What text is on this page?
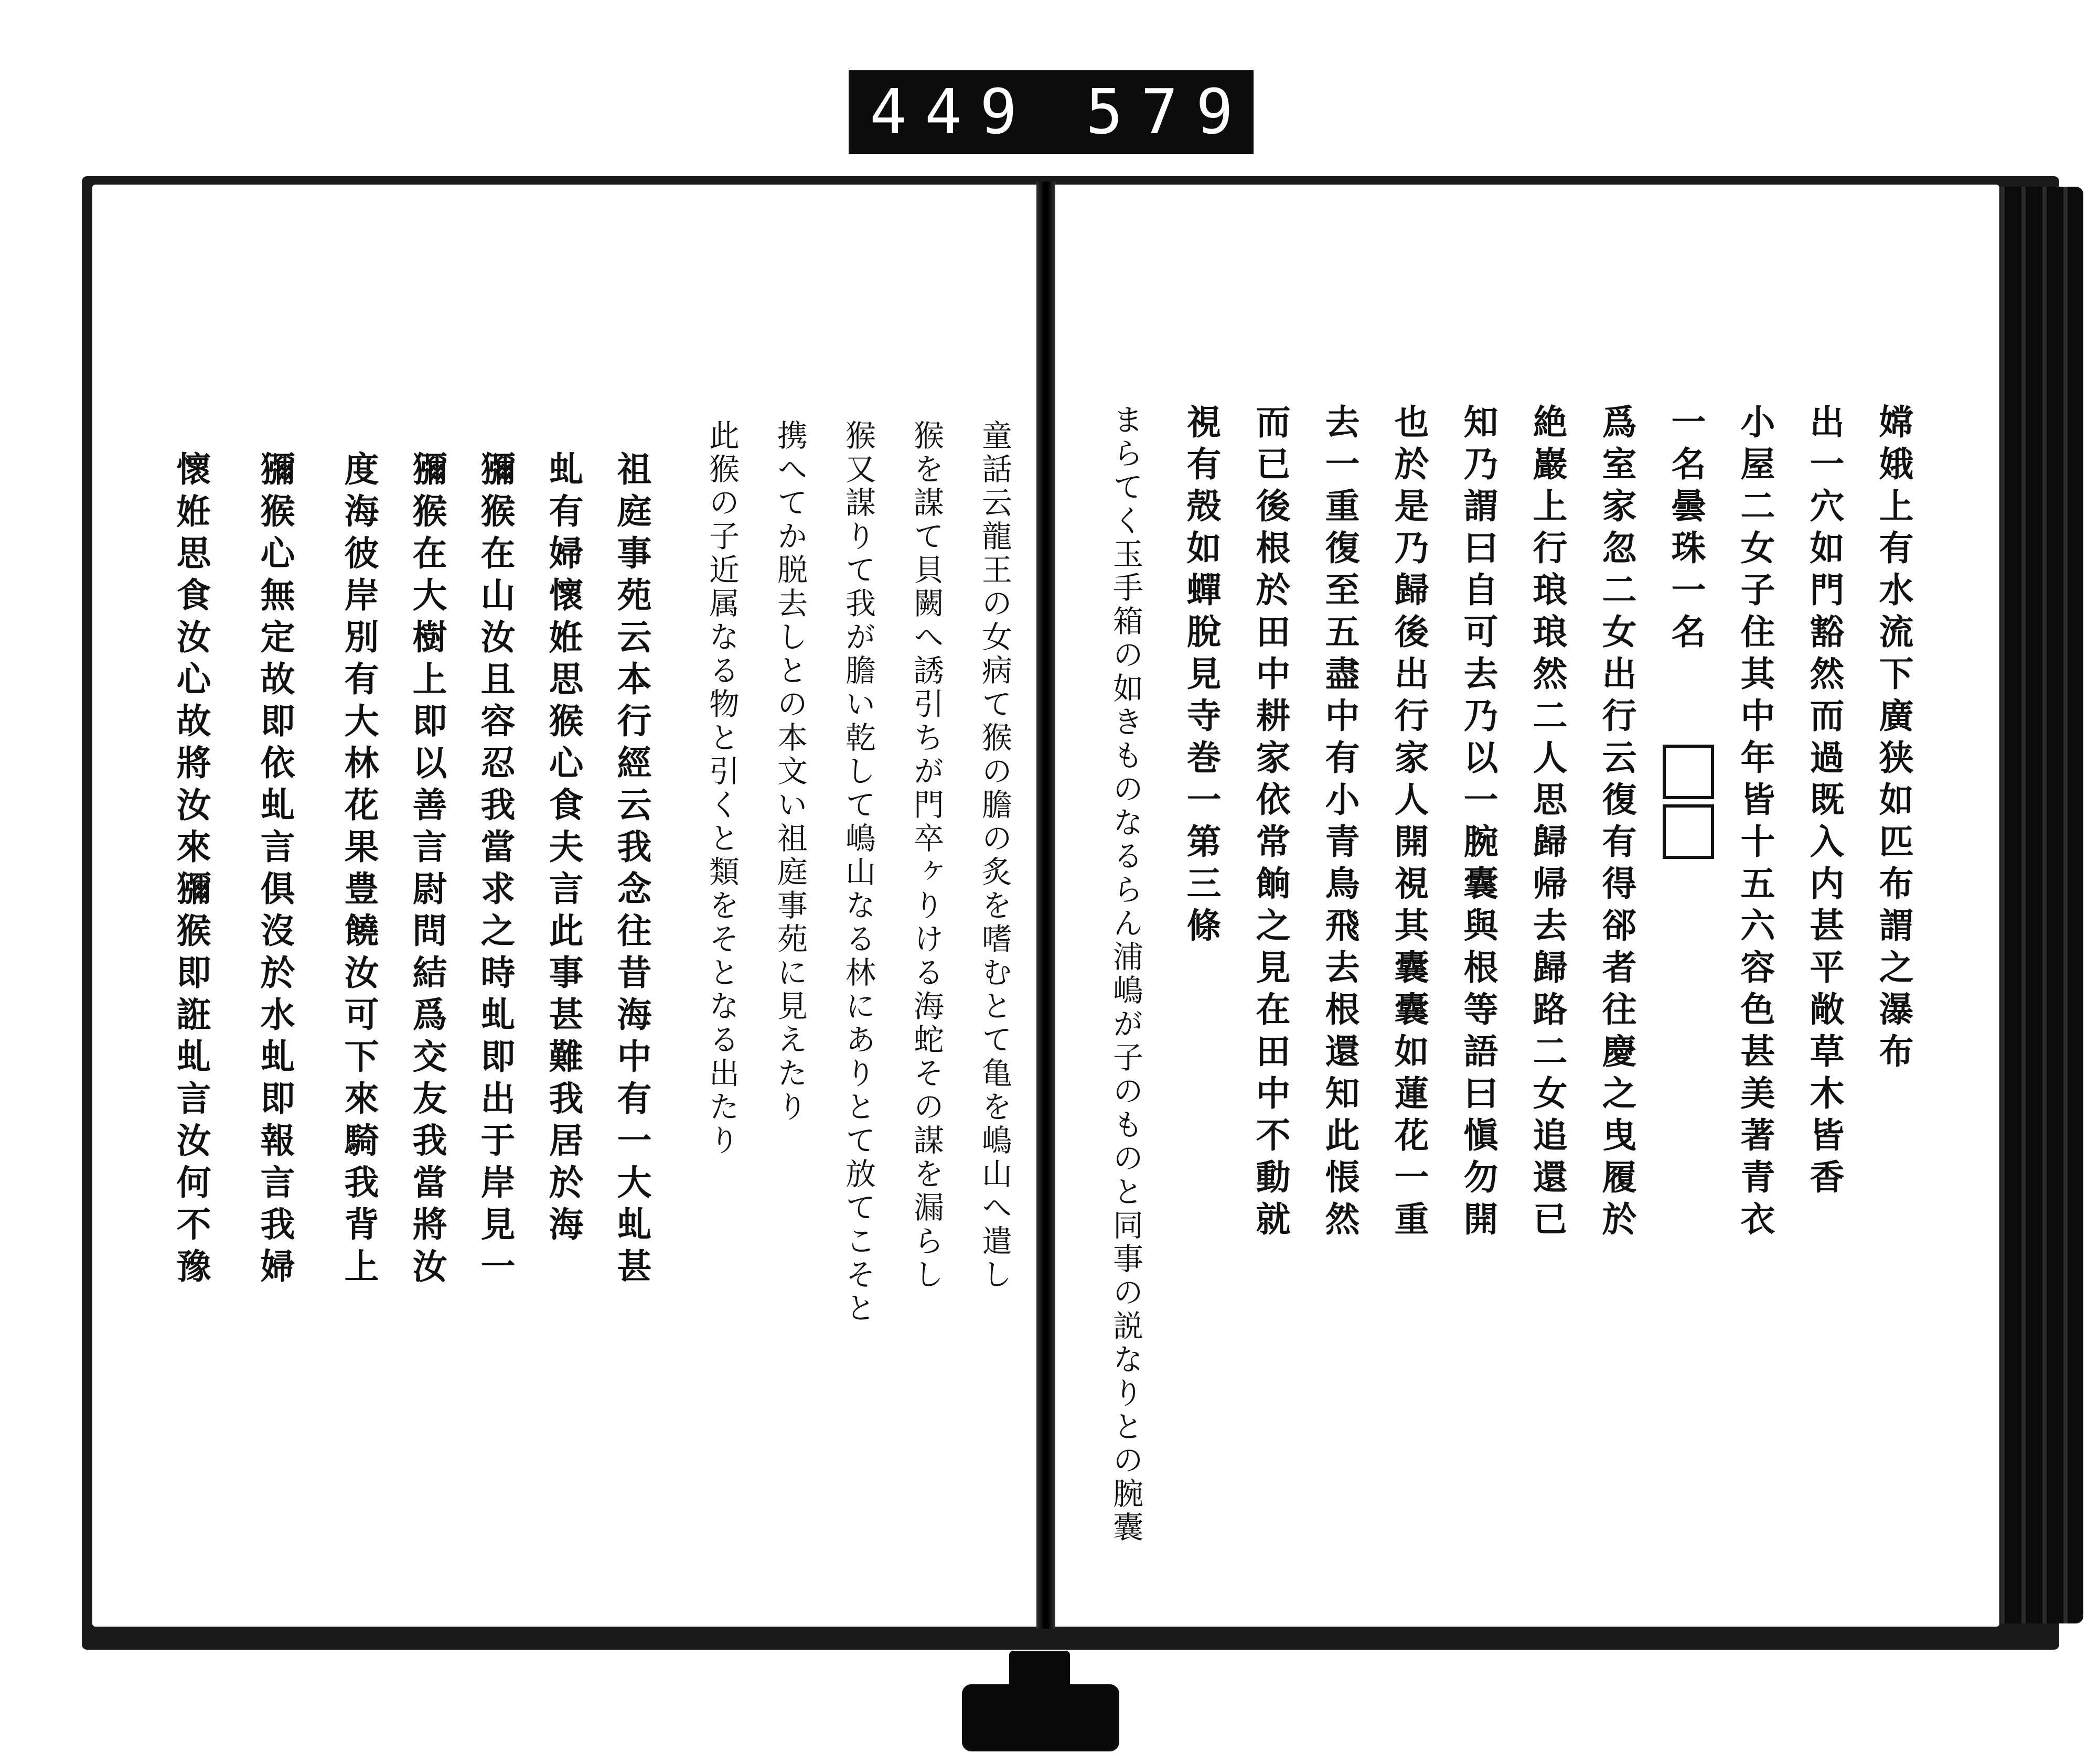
449 579.
嫦娥上有水流下廣狭如匹布謂之瀑布
出一穴如門豁然而過既入内甚平敞草木皆香
小屋二女子住其中年皆十五六容色甚美著青衣
一名曇珠一名
爲室家忽二女出行云復有得郤者往慶之曳履於
絶巖上行琅琅然二人思歸帰去歸路二女追還已
知乃謂曰自可去乃以一腕囊與根等語曰愼勿開
也於是乃歸後出行家人開視其囊囊如蓮花一重
去一重復至五盡中有小青鳥飛去根還知此悵然
而已後根於田中耕家依常餉之見在田中不動就
視有殻如蟬脫見寺巻一第三條
まらてく玉手箱の如きものなるらん浦嶋が子のものと同事の説なりとの腕囊
童話云龍王の女病て猴の膽の炙を嗜むとて亀を嶋山へ遣し
猴を謀て貝闕へ誘引ちが門卒ヶりける海蛇その謀を漏らし
猴又謀りて我が膽い乾して嶋山なる林にありとて放てこそと
携へてか脱去しとの本文い祖庭事苑に見えたり
此猴の子近属なる物と引くと類をそとなる出たり
祖庭事苑云本行經云我念往昔海中有一大虬甚
虬有婦懷姙思猴心食夫言此事甚難我居於海
獼猴在山汝且容忍我當求之時虬即出于岸見一
獼猴在大樹上即以善言尉問結爲交友我當將汝
度海彼岸別有大林花果豊饒汝可下來騎我背上
獼猴心無定故即依虬言俱沒於水虬即報言我婦
懷姙思食汝心故將汝來獼猴即誑虬言汝何不豫
